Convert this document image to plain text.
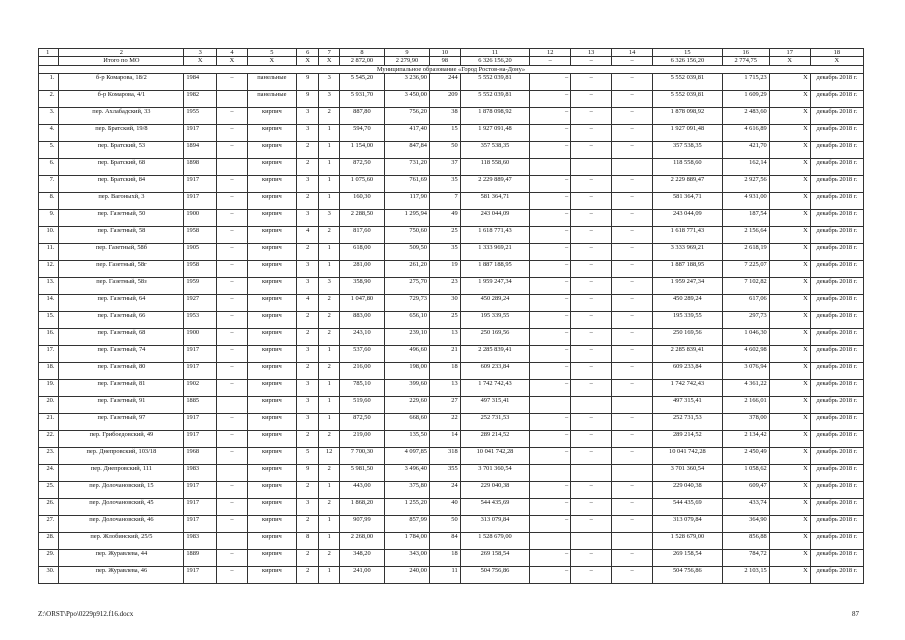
1	2	3	4	5	6	7	8	9	10	11	12	13	14	15	16	17	18
	Итого по МО	X	X	X	X	X	2 872,00	2 279,90	98	6 326 156,20	–	–	–	6 326 156,20	2 774,75	X	X
Муниципальное образование «Город Ростов-на-Дону»																	
1.	б-р Комарова, 18/2	1984	–	панельные	9	3	5 545,20	3 236,90	244	5 552 039,81	–	–	–	5 552 039,81	1 715,23	X	декабрь 2018 г.
2.	б-р Комарова, 4/1	1982		панельные	9	3	5 931,70	3 450,00	209	5 552 039,81	–	–	–	5 552 039,81	1 609,29	X	декабрь 2018 г.
3.	пер. Ахлабадский, 33	1955	–	кирпич	3	2	887,80	756,20	38	1 878 098,92	–	–	–	1 878 098,92	2 483,60	X	декабрь 2018 г.
4.	пер. Братский, 19/8	1917	–	кирпич	3	1	594,70	417,40	15	1 927 091,48	–	–	–	1 927 091,48	4 616,89	X	декабрь 2018 г.
5.	пер. Братский, 53	1894	–	кирпич	2	1	1 154,00	847,84	50	357 538,35	–	–	–	357 538,35	421,70	X	декабрь 2018 г.
6.	пер. Братский, 68	1898		кирпич	2	1	872,50	731,20	37	118 558,60				118 558,60	162,14	X	декабрь 2018 г.
7.	пер. Братский, 84	1917	–	кирпич	3	1	1 075,60	761,69	35	2 229 889,47	–	–	–	2 229 889,47	2 927,56	X	декабрь 2018 г.
8.	пер. Вагоныхй, 3	1917	–	кирпич	2	1	160,30	117,90	7	581 364,71	–	–	–	581 364,71	4 931,00	X	декабрь 2018 г.
9.	пер. Газетный, 50	1900	–	кирпич	3	3	2 288,50	1 295,94	49	243 044,09	–	–	–	243 044,09	187,54	X	декабрь 2018 г.
10.	пер. Газетный, 58	1958	–	кирпич	4	2	817,60	750,60	25	1 618 771,43	–	–	–	1 618 771,43	2 156,64	X	декабрь 2018 г.
11.	пер. Газетный, 58б	1905	–	кирпич	2	1	618,00	509,50	35	1 333 969,21	–	–	–	3 333 969,21	2 618,19	X	декабрь 2018 г.
12.	пер. Газетный, 58г	1958	–	кирпич	3	1	281,00	261,20	19	1 887 188,95	–	–	–	1 887 188,95	7 225,07	X	декабрь 2018 г.
13.	пер. Газетный, 58з	1959	–	кирпич	3	3	358,90	275,70	23	1 959 247,34	–	–	–	1 959 247,34	7 102,82	X	декабрь 2018 г.
14.	пер. Газетный, 64	1927	–	кирпич	4	2	1 047,80	729,73	30	450 289,24	–	–	–	450 289,24	617,06	X	декабрь 2018 г.
15.	пер. Газетный, 66	1953	–	кирпич	2	2	883,00	656,10	25	195 339,55	–	–	–	195 339,55	297,73	X	декабрь 2018 г.
16.	пер. Газетный, 68	1900	–	кирпич	2	2	243,10	239,10	13	250 169,56	–	–	–	250 169,56	1 046,30	X	декабрь 2018 г.
17.	пер. Газетный, 74	1917	–	кирпич	3	1	537,60	496,60	21	2 285 839,41	–	–	–	2 285 839,41	4 602,98	X	декабрь 2018 г.
18.	пер. Газетный, 80	1917	–	кирпич	2	2	216,00	198,00	18	609 233,84	–	–	–	609 233,84	3 076,94	X	декабрь 2018 г.
19.	пер. Газетный, 81	1902	–	кирпич	3	1	785,10	399,60	13	1 742 742,43	–	–	–	1 742 742,43	4 361,22	X	декабрь 2018 г.
20.	пер. Газетный, 91	1885		кирпич	3	1	519,60	229,60	27	497 315,41				497 315,41	2 166,01	X	декабрь 2018 г.
21.	пер. Газетный, 97	1917	–	кирпич	3	1	872,50	668,60	22	252 731,53	–	–	–	252 731,53	378,00	X	декабрь 2018 г.
22.	пер. Грибоедовский, 49	1917	–	кирпич	2	2	219,00	135,50	14	289 214,52	–	–	–	289 214,52	2 134,42	X	декабрь 2018 г.
23.	пер. Днепровский, 103/18	1968	–	кирпич	5	12	7 700,30	4 097,85	318	10 041 742,28	–	–	–	10 041 742,28	2 450,49	X	декабрь 2018 г.
24.	пер. Днепровский, 111	1983		кирпич	9	2	5 981,50	3 496,40	355	3 701 360,54				3 701 360,54	1 058,62	X	декабрь 2018 г.
25.	пер. Долочановский, 15	1917	–	кирпич	2	1	443,00	375,80	24	229 040,38	–	–	–	229 040,38	609,47	X	декабрь 2018 г.
26.	пер. Долочановский, 45	1917	–	кирпич	3	2	1 868,20	1 255,20	40	544 435,69	–	–	–	544 435,69	433,74	X	декабрь 2018 г.
27.	пер. Долочановский, 46	1917	–	кирпич	2	1	907,99	857,99	50	313 079,84	–	–	–	313 079,84	364,90	X	декабрь 2018 г.
28.	пер. Жлобинский, 25/5	1983		кирпич	8	1	2 268,00	1 784,00	84	1 528 679,00				1 528 679,00	856,88	X	декабрь 2018 г.
29.	пер. Журавлева, 44	1889	–	кирпич	2	2	348,20	343,00	18	269 158,54	–	–	–	269 158,54	784,72	X	декабрь 2018 г.
30.	пер. Журавлева, 46	1917	–	кирпич	2	1	241,00	240,00	11	504 756,86	–	–	–	504 756,86	2 103,15	X	декабрь 2018 г.
Z:\ORST\Ppo\0229p912.f16.docx	87
